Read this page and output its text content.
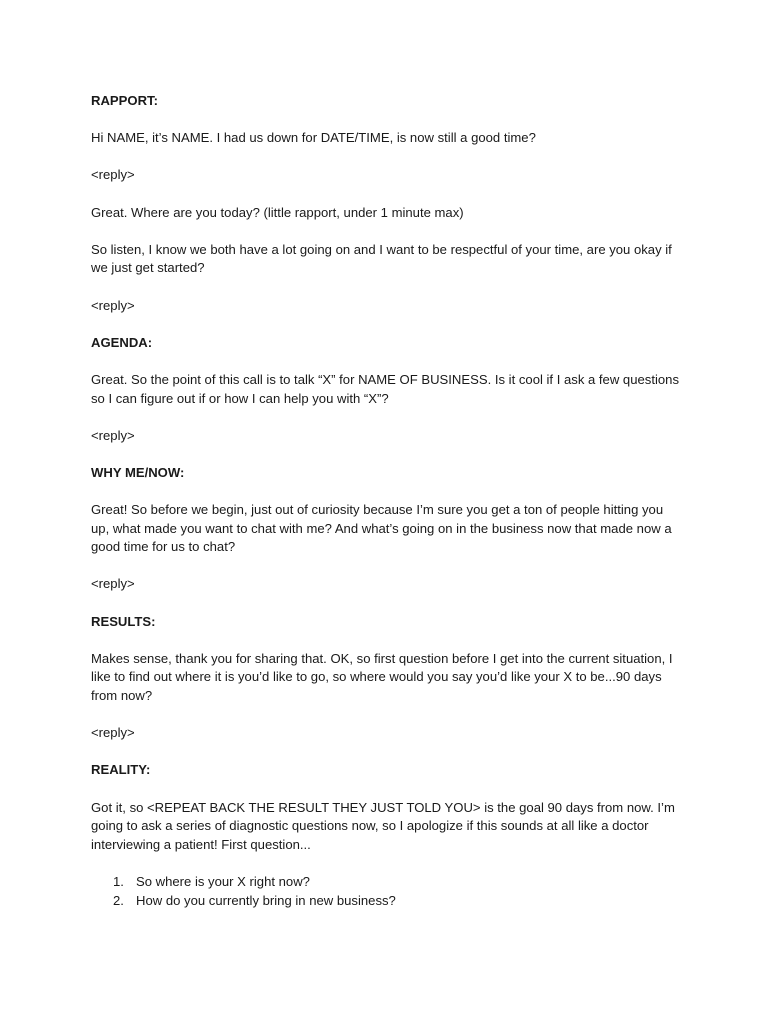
RAPPORT:

Hi NAME, it’s NAME. I had us down for DATE/TIME, is now still a good time?

<reply>

Great. Where are you today? (little rapport, under 1 minute max)

So listen, I know we both have a lot going on and I want to be respectful of your time, are you okay if we just get started?

<reply>

AGENDA:

Great. So the point of this call is to talk “X” for NAME OF BUSINESS. Is it cool if I ask a few questions so I can figure out if or how I can help you with “X”?

<reply>

WHY ME/NOW:

Great! So before we begin, just out of curiosity because I’m sure you get a ton of people hitting you up, what made you want to chat with me? And what’s going on in the business now that made now a good time for us to chat?

<reply>

RESULTS:

Makes sense, thank you for sharing that. OK, so first question before I get into the current situation, I like to find out where it is you’d like to go, so where would you say you’d like your X to be...90 days from now?

<reply>

REALITY:

Got it, so <REPEAT BACK THE RESULT THEY JUST TOLD YOU> is the goal 90 days from now. I’m going to ask a series of diagnostic questions now, so I apologize if this sounds at all like a doctor interviewing a patient! First question...

1. So where is your X right now?
2. How do you currently bring in new business?
